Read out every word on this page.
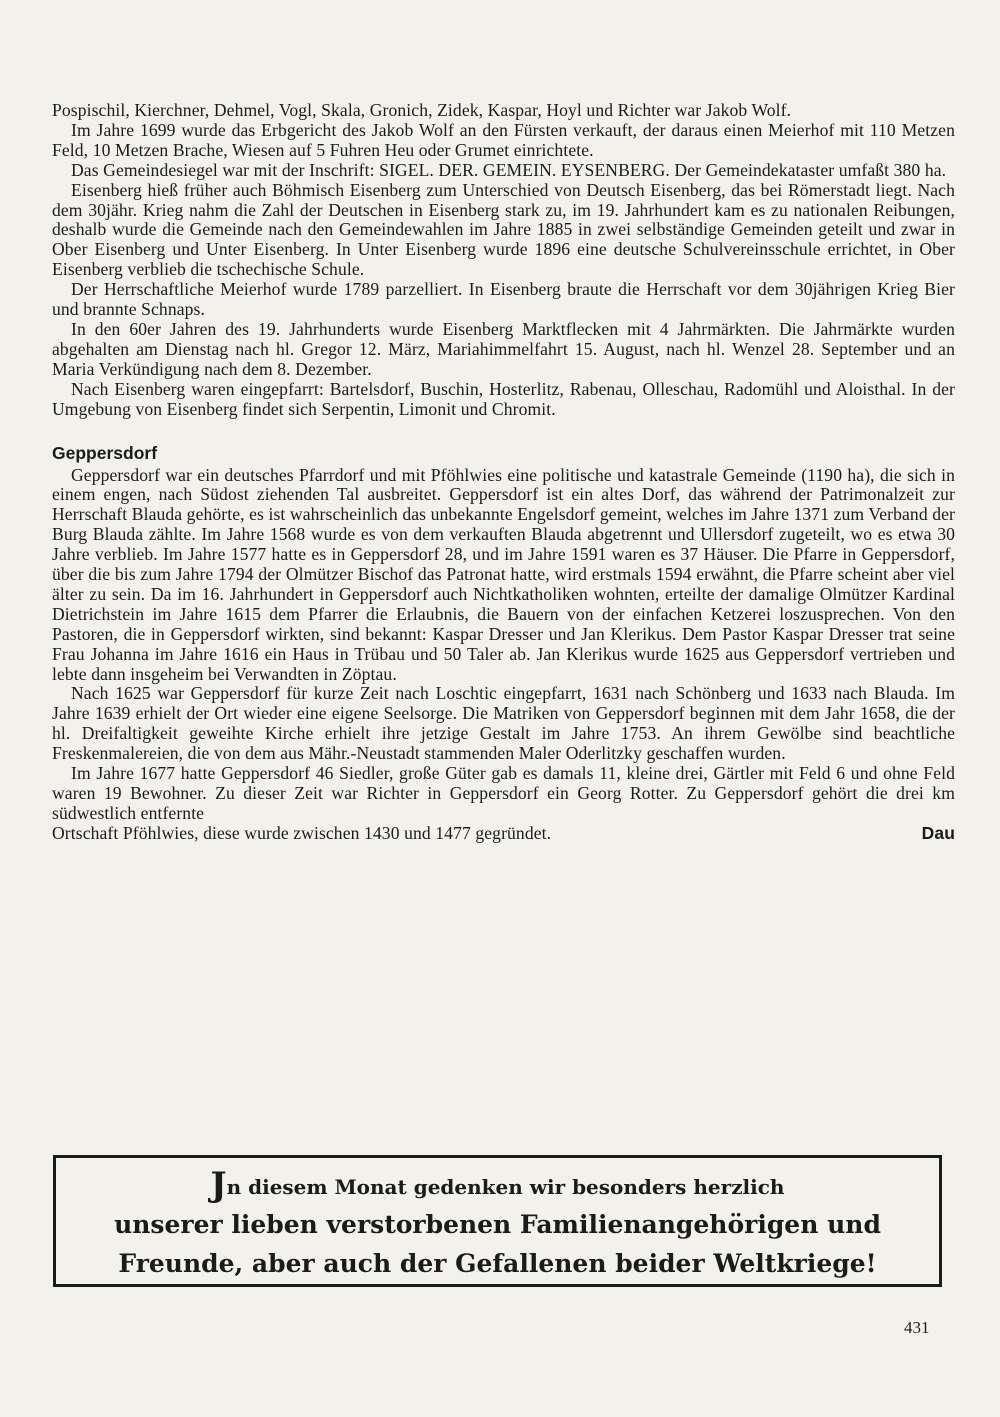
Pospischil, Kierchner, Dehmel, Vogl, Skala, Gronich, Zidek, Kaspar, Hoyl und Richter war Jakob Wolf.

Im Jahre 1699 wurde das Erbgericht des Jakob Wolf an den Fürsten verkauft, der daraus einen Meierhof mit 110 Metzen Feld, 10 Metzen Brache, Wiesen auf 5 Fuhren Heu oder Grumet einrichtete.

Das Gemeindesiegel war mit der Inschrift: SIGEL. DER. GEMEIN. EYSENBERG. Der Gemeindekataster umfaßt 380 ha.

Eisenberg hieß früher auch Böhmisch Eisenberg zum Unterschied von Deutsch Eisenberg, das bei Römerstadt liegt. Nach dem 30jähr. Krieg nahm die Zahl der Deutschen in Eisenberg stark zu, im 19. Jahrhundert kam es zu nationalen Reibungen, deshalb wurde die Gemeinde nach den Gemeindewahlen im Jahre 1885 in zwei selbständige Gemeinden geteilt und zwar in Ober Eisenberg und Unter Eisenberg. In Unter Eisenberg wurde 1896 eine deutsche Schulvereinsschule errichtet, in Ober Eisenberg verblieb die tschechische Schule.

Der Herrschaftliche Meierhof wurde 1789 parzelliert. In Eisenberg braute die Herrschaft vor dem 30jährigen Krieg Bier und brannte Schnaps.

In den 60er Jahren des 19. Jahrhunderts wurde Eisenberg Marktflecken mit 4 Jahrmärkten. Die Jahrmärkte wurden abgehalten am Dienstag nach hl. Gregor 12. März, Mariahimmelfahrt 15. August, nach hl. Wenzel 28. September und an Maria Verkündigung nach dem 8. Dezember.

Nach Eisenberg waren eingepfarrt: Bartelsdorf, Buschin, Hosterlitz, Rabenau, Olleschau, Radomühl und Aloisthal. In der Umgebung von Eisenberg findet sich Serpentin, Limonit und Chromit.

Geppersdorf

Geppersdorf war ein deutsches Pfarrdorf und mit Pföhlwies eine politische und katastrale Gemeinde (1190 ha), die sich in einem engen, nach Südost ziehenden Tal ausbreitet. Geppersdorf ist ein altes Dorf, das während der Patrimonalzeit zur Herrschaft Blauda gehörte, es ist wahrscheinlich das unbekannte Engelsdorf gemeint, welches im Jahre 1371 zum Verband der Burg Blauda zählte. Im Jahre 1568 wurde es von dem verkauften Blauda abgetrennt und Ullersdorf zugeteilt, wo es etwa 30 Jahre verblieb. Im Jahre 1577 hatte es in Geppersdorf 28, und im Jahre 1591 waren es 37 Häuser. Die Pfarre in Geppersdorf, über die bis zum Jahre 1794 der Olmützer Bischof das Patronat hatte, wird erstmals 1594 erwähnt, die Pfarre scheint aber viel älter zu sein. Da im 16. Jahrhundert in Geppersdorf auch Nichtkatholiken wohnten, erteilte der damalige Olmützer Kardinal Dietrichstein im Jahre 1615 dem Pfarrer die Erlaubnis, die Bauern von der einfachen Ketzerei loszusprechen. Von den Pastoren, die in Geppersdorf wirkten, sind bekannt: Kaspar Dresser und Jan Klerikus. Dem Pastor Kaspar Dresser trat seine Frau Johanna im Jahre 1616 ein Haus in Trübau und 50 Taler ab. Jan Klerikus wurde 1625 aus Geppersdorf vertrieben und lebte dann insgeheim bei Verwandten in Zöptau.

Nach 1625 war Geppersdorf für kurze Zeit nach Loschtic eingepfarrt, 1631 nach Schönberg und 1633 nach Blauda. Im Jahre 1639 erhielt der Ort wieder eine eigene Seelsorge. Die Matriken von Geppersdorf beginnen mit dem Jahr 1658, die der hl. Dreifaltigkeit geweihte Kirche erhielt ihre jetzige Gestalt im Jahre 1753. An ihrem Gewölbe sind beachtliche Freskenmalereien, die von dem aus Mähr.-Neustadt stammenden Maler Oderlitzky geschaffen wurden.

Im Jahre 1677 hatte Geppersdorf 46 Siedler, große Güter gab es damals 11, kleine drei, Gärtler mit Feld 6 und ohne Feld waren 19 Bewohner. Zu dieser Zeit war Richter in Geppersdorf ein Georg Rotter. Zu Geppersdorf gehört die drei km südwestlich entfernte

Ortschaft Pföhlwies, diese wurde zwischen 1430 und 1477 gegründet.	Dau
Jn diesem Monat gedenken wir besonders herzlich
unserer lieben verstorbenen Familienangehörigen und
Freunde, aber auch der Gefallenen beider Weltkriege!
431
